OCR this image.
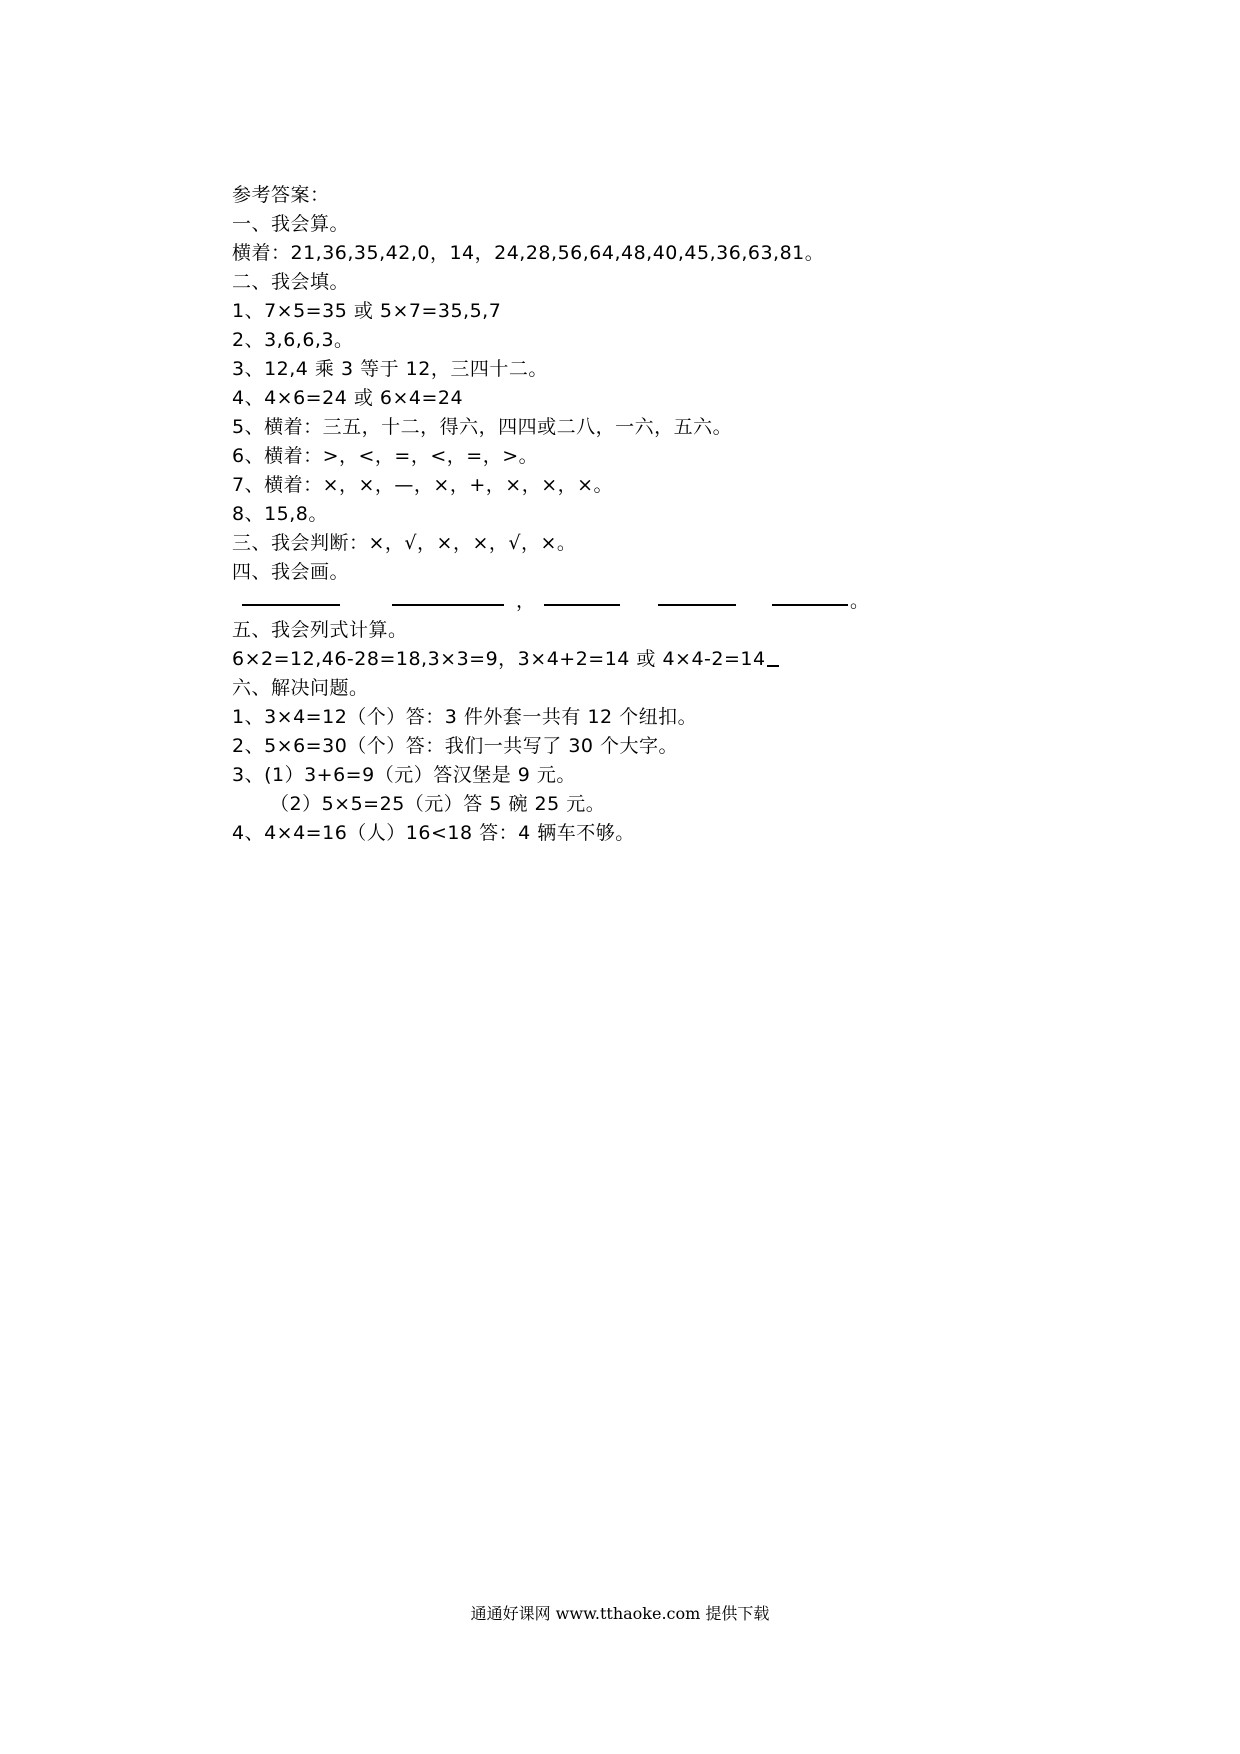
参考答案：
一、我会算。
横着：21,36,35,42,0，14，24,28,56,64,48,40,45,36,63,81。
二、我会填。
1、7×5=35 或 5×7=35,5,7
2、3,6,6,3。
3、12,4 乘 3 等于 12，三四十二。
4、4×6=24 或 6×4=24
5、横着：三五，十二，得六，四四或二八，一六，五六。
6、横着：>，<，=，<，=，>。
7、横着：×，×，—，×，+，×，×，×。
8、15,8。
三、我会判断：×，√，×，×，√，×。
四、我会画。
，	。
五、我会列式计算。
6×2=12,46-28=18,3×3=9，3×4+2=14 或 4×4-2=14
六、解决问题。
1、3×4=12（个）答：3 件外套一共有 12 个纽扣。
2、5×6=30（个）答：我们一共写了 30 个大字。
3、(1）3+6=9（元）答汉堡是 9 元。
（2）5×5=25（元）答 5 碗 25 元。
4、4×4=16（人）16<18 答：4 辆车不够。
通通好课网 www.tthaoke.com 提供下载
